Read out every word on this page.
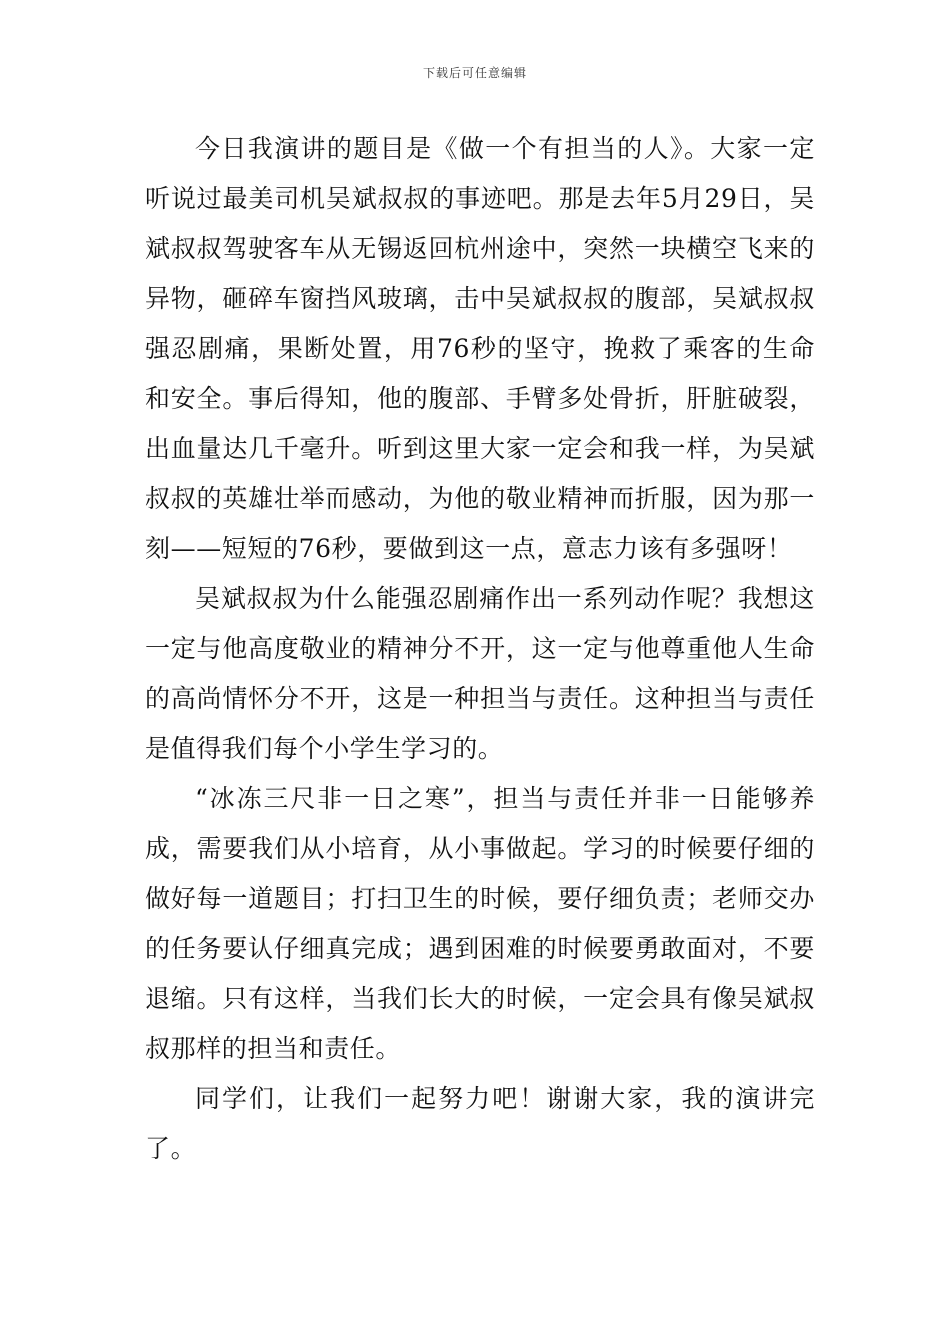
下载后可任意编辑

今日我演讲的题目是《做一个有担当的人》。大家一定听说过最美司机吴斌叔叔的事迹吧。那是去年5月29日，吴斌叔叔驾驶客车从无锡返回杭州途中，突然一块横空飞来的异物，砸碎车窗挡风玻璃，击中吴斌叔叔的腹部，吴斌叔叔强忍剧痛，果断处置，用76秒的坚守，挽救了乘客的生命和安全。事后得知，他的腹部、手臂多处骨折，肝脏破裂，出血量达几千毫升。听到这里大家一定会和我一样，为吴斌叔叔的英雄壮举而感动，为他的敬业精神而折服，因为那一刻——短短的76秒，要做到这一点，意志力该有多强呀！

吴斌叔叔为什么能强忍剧痛作出一系列动作呢？我想这一定与他高度敬业的精神分不开，这一定与他尊重他人生命的高尚情怀分不开，这是一种担当与责任。这种担当与责任是值得我们每个小学生学习的。

“冰冻三尺非一日之寒”，担当与责任并非一日能够养成，需要我们从小培育，从小事做起。学习的时候要仔细的做好每一道题目；打扫卫生的时候，要仔细负责；老师交办的任务要认仔细真完成；遇到困难的时候要勇敢面对，不要退缩。只有这样，当我们长大的时候，一定会具有像吴斌叔叔那样的担当和责任。

同学们，让我们一起努力吧！谢谢大家，我的演讲完了。
